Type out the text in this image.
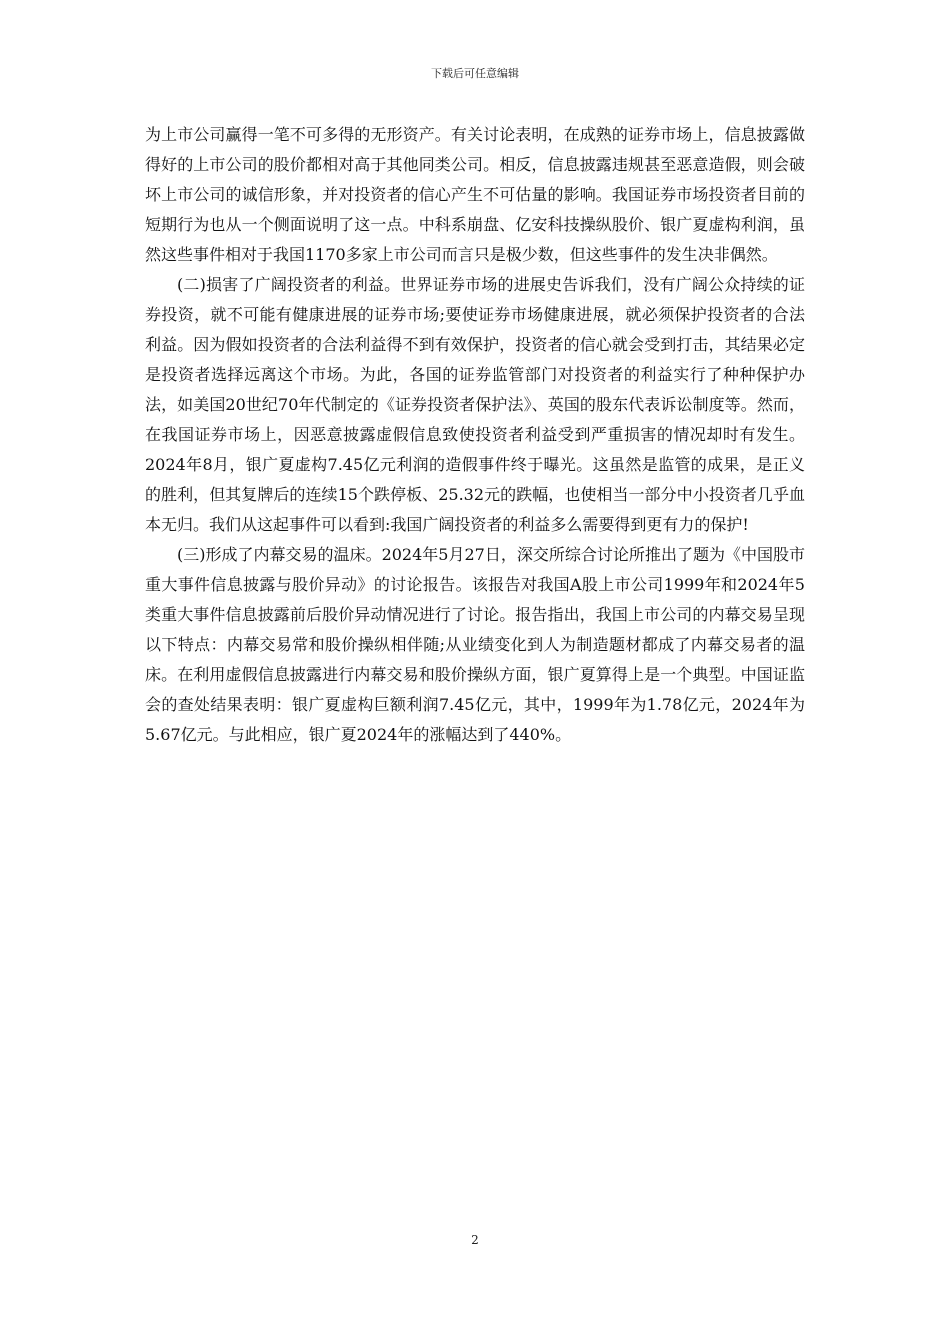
下载后可任意编辑

为上市公司赢得一笔不可多得的无形资产。有关讨论表明，在成熟的证券市场上，信息披露做得好的上市公司的股价都相对高于其他同类公司。相反，信息披露违规甚至恶意造假，则会破坏上市公司的诚信形象，并对投资者的信心产生不可估量的影响。我国证券市场投资者目前的短期行为也从一个侧面说明了这一点。中科系崩盘、亿安科技操纵股价、银广夏虚构利润，虽然这些事件相对于我国1170多家上市公司而言只是极少数，但这些事件的发生决非偶然。

(二)损害了广阔投资者的利益。世界证券市场的进展史告诉我们，没有广阔公众持续的证券投资，就不可能有健康进展的证券市场;要使证券市场健康进展，就必须保护投资者的合法利益。因为假如投资者的合法利益得不到有效保护，投资者的信心就会受到打击，其结果必定是投资者选择远离这个市场。为此，各国的证券监管部门对投资者的利益实行了种种保护办法，如美国20世纪70年代制定的《证券投资者保护法》、英国的股东代表诉讼制度等。然而，在我国证券市场上，因恶意披露虚假信息致使投资者利益受到严重损害的情况却时有发生。2024年8月，银广夏虚构7.45亿元利润的造假事件终于曝光。这虽然是监管的成果，是正义的胜利，但其复牌后的连续15个跌停板、25.32元的跌幅，也使相当一部分中小投资者几乎血本无归。我们从这起事件可以看到:我国广阔投资者的利益多么需要得到更有力的保护!

(三)形成了内幕交易的温床。2024年5月27日，深交所综合讨论所推出了题为《中国股市重大事件信息披露与股价异动》的讨论报告。该报告对我国A股上市公司1999年和2024年5类重大事件信息披露前后股价异动情况进行了讨论。报告指出，我国上市公司的内幕交易呈现以下特点：内幕交易常和股价操纵相伴随;从业绩变化到人为制造题材都成了内幕交易者的温床。在利用虚假信息披露进行内幕交易和股价操纵方面，银广夏算得上是一个典型。中国证监会的查处结果表明：银广夏虚构巨额利润7.45亿元，其中，1999年为1.78亿元，2024年为5.67亿元。与此相应，银广夏2024年的涨幅达到了440%。

2
